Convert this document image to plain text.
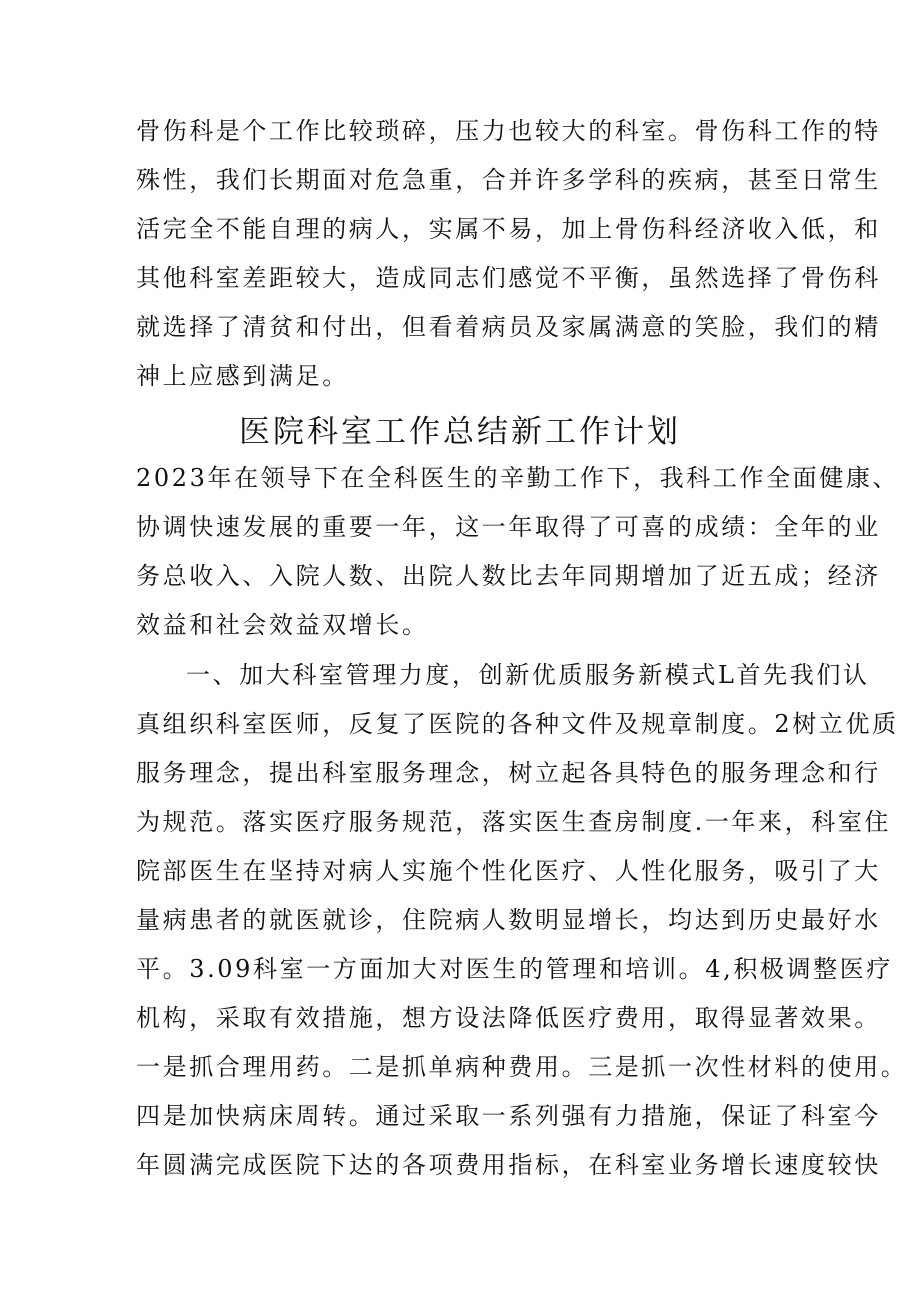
骨伤科是个工作比较琐碎，压力也较大的科室。骨伤科工作的特
殊性，我们长期面对危急重，合并许多学科的疾病，甚至日常生
活完全不能自理的病人，实属不易，加上骨伤科经济收入低，和
其他科室差距较大，造成同志们感觉不平衡，虽然选择了骨伤科
就选择了清贫和付出，但看着病员及家属满意的笑脸，我们的精
神上应感到满足。
医院科室工作总结新工作计划
2023年在领导下在全科医生的辛勤工作下，我科工作全面健康、
协调快速发展的重要一年，这一年取得了可喜的成绩：全年的业
务总收入、入院人数、出院人数比去年同期增加了近五成；经济
效益和社会效益双增长。
一、加大科室管理力度，创新优质服务新模式L首先我们认
真组织科室医师，反复了医院的各种文件及规章制度。2树立优质
服务理念，提出科室服务理念，树立起各具特色的服务理念和行
为规范。落实医疗服务规范，落实医生查房制度.一年来，科室住
院部医生在坚持对病人实施个性化医疗、人性化服务，吸引了大
量病患者的就医就诊，住院病人数明显增长，均达到历史最好水
平。3.09科室一方面加大对医生的管理和培训。4,积极调整医疗
机构，采取有效措施，想方设法降低医疗费用，取得显著效果。
一是抓合理用药。二是抓单病种费用。三是抓一次性材料的使用。
四是加快病床周转。通过采取一系列强有力措施，保证了科室今
年圆满完成医院下达的各项费用指标，在科室业务增长速度较快
